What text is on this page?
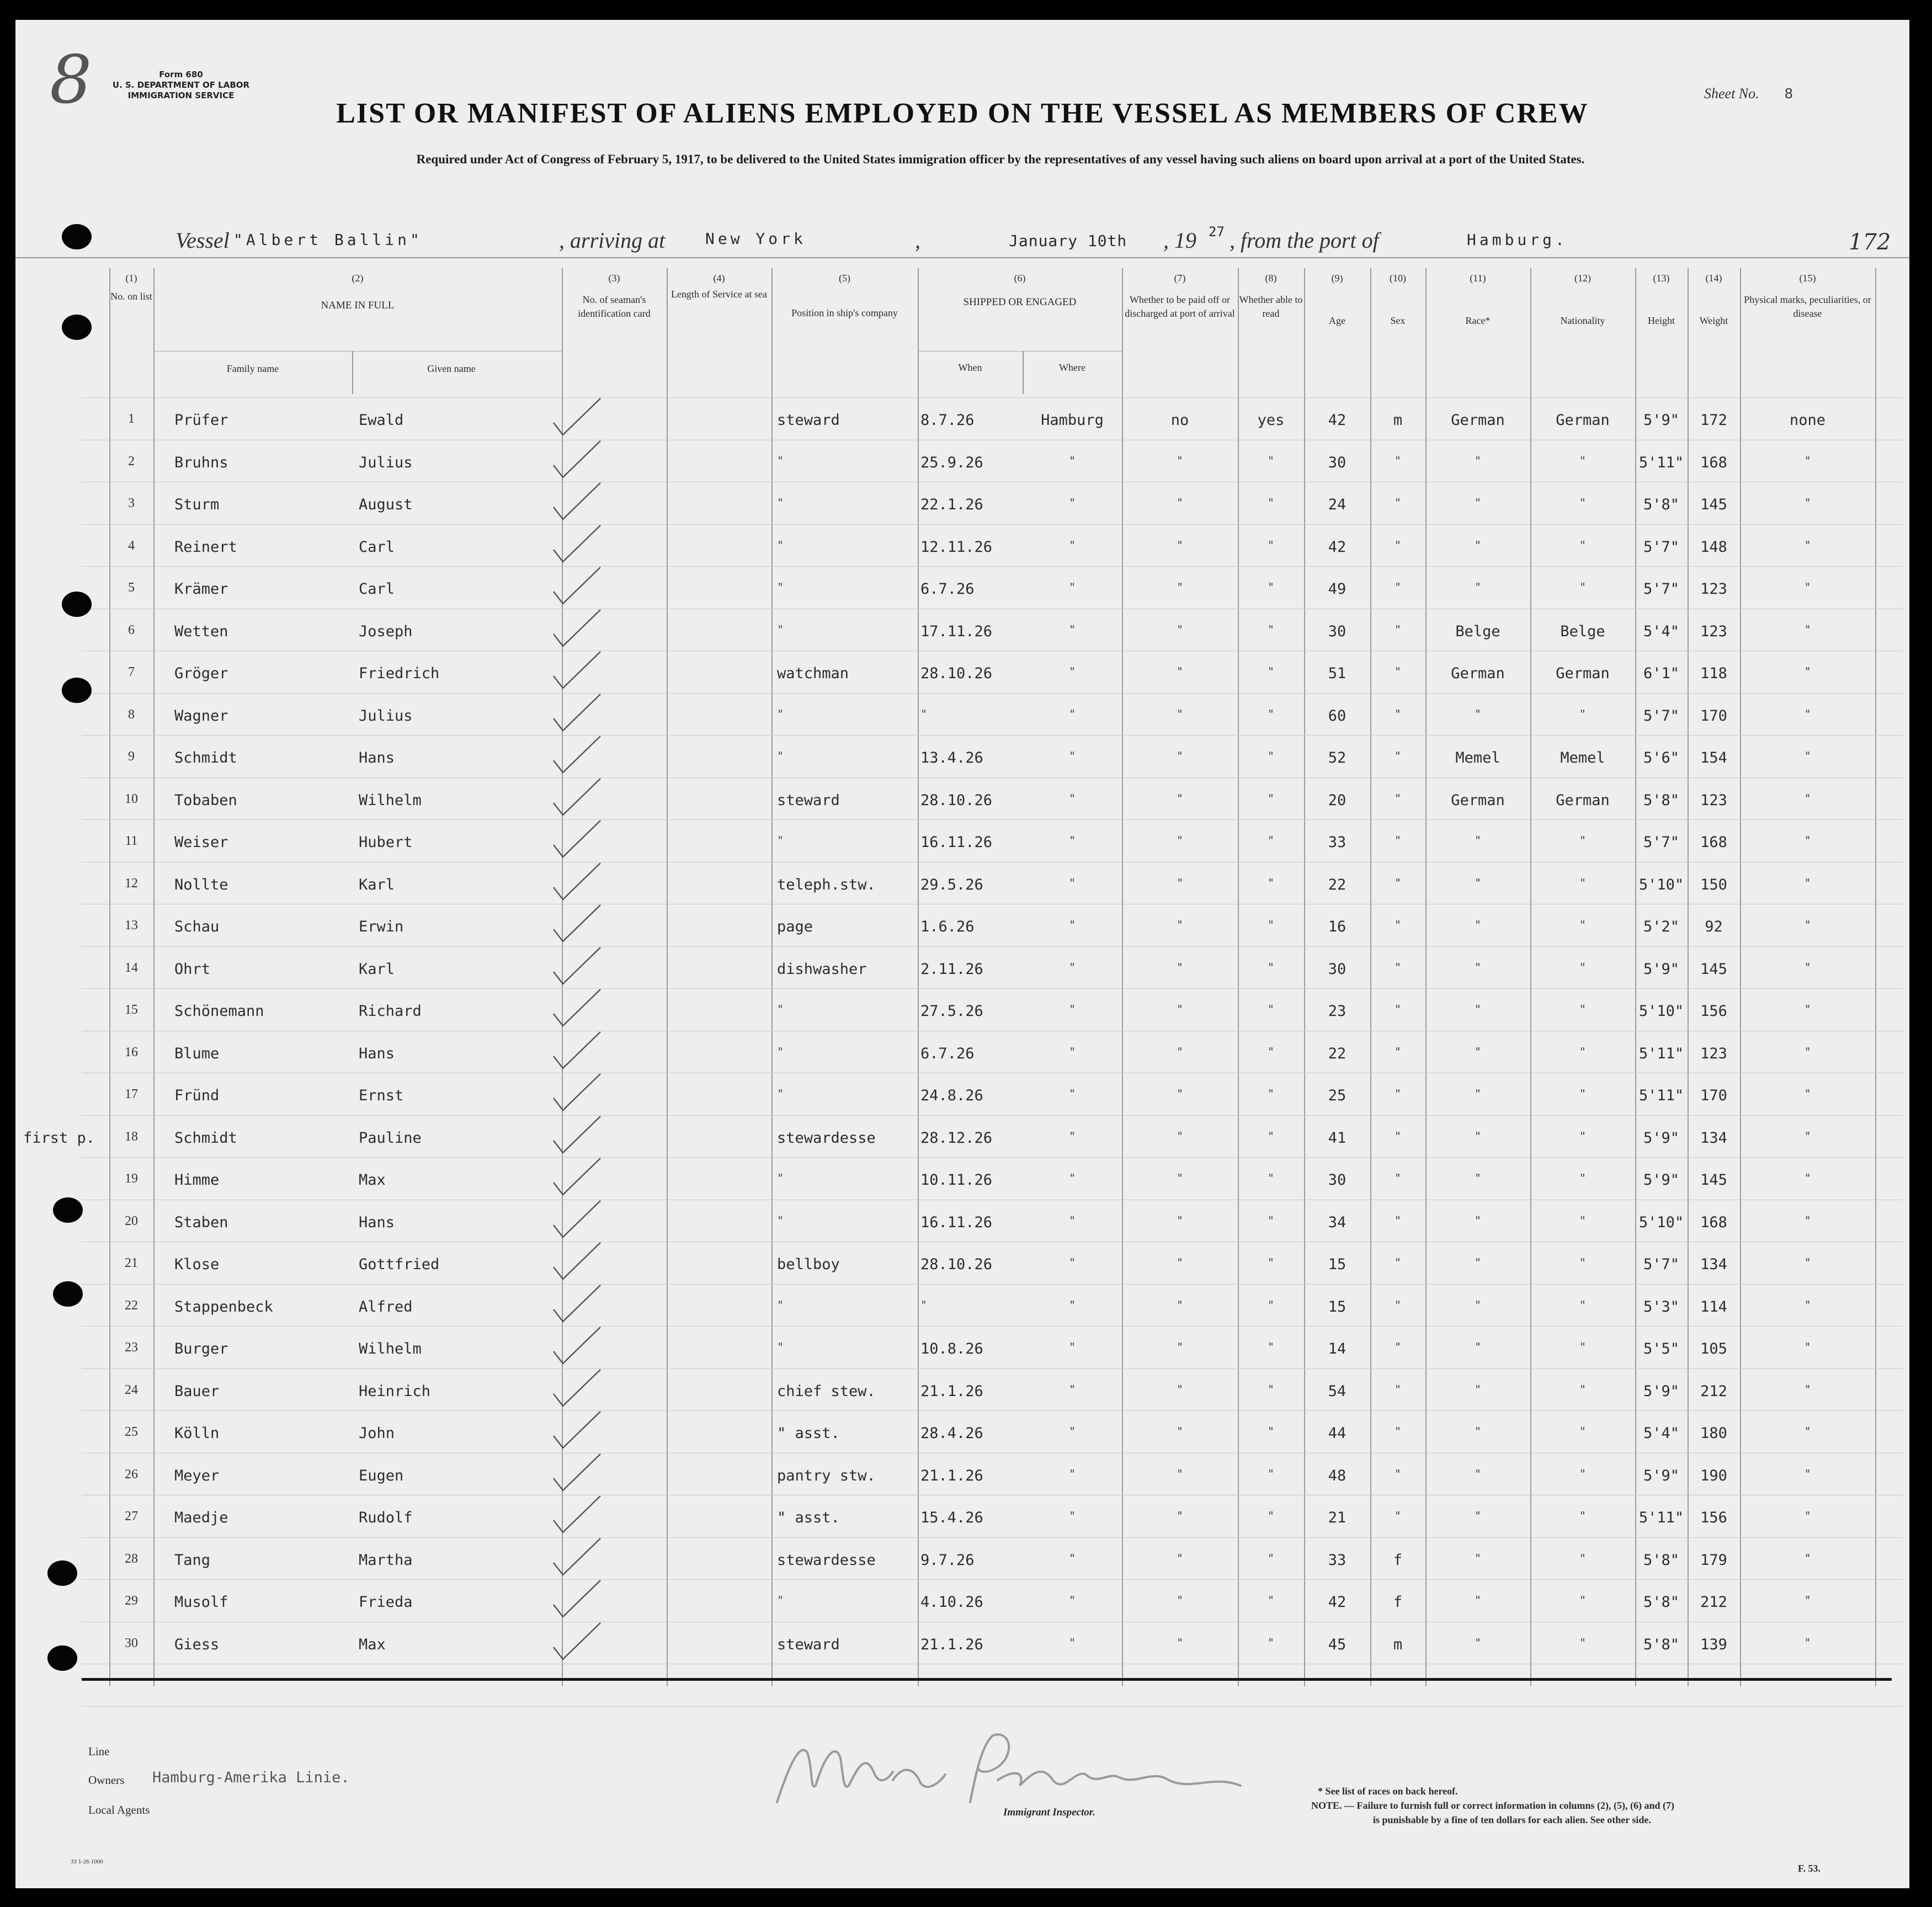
Form 680
U. S. DEPARTMENT OF LABOR
IMMIGRATION SERVICE
8	LIST OR MANIFEST OF ALIENS EMPLOYED ON THE VESSEL AS MEMBERS OF CREW
Sheet No. 8
Required under Act of Congress of February 5, 1917, to be delivered to the United States immigration officer by the representatives of any vessel having such aliens on board upon arrival at a port of the United States.
Vessel "Albert Ballin"	, arriving at	New York	,	January 10th , 19 27 , from the port of	Hamburg.	172
(1)
No. on list
(2)
NAME IN FULL
Family name	Given name
(3)
No. of seaman's identification card
(4)
Length of Service at sea
(5)
Position in ship's company
(6)
SHIPPED OR ENGAGED
When	Where
(7)
Whether to be paid off or discharged at port of arrival
(8)
Whether able to read
(9)
Age
(10)
Sex
(11)
Race*
(12)
Nationality
(13)
Height
(14)
Weight
(15)
Physical marks, peculiarities, or disease
1	Prüfer	Ewald	steward	8.7.26	Hamburg	no	yes	42	m	German	German	5'9"	172	none
2	Bruhns	Julius	"	25.9.26	"	"	"	30	"	"	"	5'11"	168	"
3	Sturm	August	"	22.1.26	"	"	"	24	"	"	"	5'8"	145	"
4	Reinert	Carl	"	12.11.26	"	"	"	42	"	"	"	5'7"	148	"
5	Krämer	Carl	"	6.7.26	"	"	"	49	"	"	"	5'7"	123	"
6	Wetten	Joseph	"	17.11.26	"	"	"	30	"	Belge	Belge	5'4"	123	"
7	Gröger	Friedrich	watchman	28.10.26	"	"	"	51	"	German	German	6'1"	118	"
8	Wagner	Julius	"	"	"	"	"	60	"	"	"	5'7"	170	"
9	Schmidt	Hans	"	13.4.26	"	"	"	52	"	Memel	Memel	5'6"	154	"
10	Tobaben	Wilhelm	steward	28.10.26	"	"	"	20	"	German	German	5'8"	123	"
11	Weiser	Hubert	"	16.11.26	"	"	"	33	"	"	"	5'7"	168	"
12	Nollte	Karl	teleph.stw.	29.5.26	"	"	"	22	"	"	"	5'10"	150	"
13	Schau	Erwin	page	1.6.26	"	"	"	16	"	"	"	5'2"	92	"
14	Ohrt	Karl	dishwasher	2.11.26	"	"	"	30	"	"	"	5'9"	145	"
15	Schönemann	Richard	"	27.5.26	"	"	"	23	"	"	"	5'10"	156	"
16	Blume	Hans	"	6.7.26	"	"	"	22	"	"	"	5'11"	123	"
17	Fründ	Ernst	"	24.8.26	"	"	"	25	"	"	"	5'11"	170	"
18	Schmidt	Pauline	stewardesse	28.12.26	"	"	"	41	"	"	"	5'9"	134	"
first p.
19	Himme	Max	"	10.11.26	"	"	"	30	"	"	"	5'9"	145	"
20	Staben	Hans	"	16.11.26	"	"	"	34	"	"	"	5'10"	168	"
21	Klose	Gottfried	bellboy	28.10.26	"	"	"	15	"	"	"	5'7"	134	"
22	Stappenbeck	Alfred	"	"	"	"	"	15	"	"	"	5'3"	114	"
23	Burger	Wilhelm	"	10.8.26	"	"	"	14	"	"	"	5'5"	105	"
24	Bauer	Heinrich	chief stew.	21.1.26	"	"	"	54	"	"	"	5'9"	212	"
25	Kölln	John	" asst.	28.4.26	"	"	"	44	"	"	"	5'4"	180	"
26	Meyer	Eugen	pantry stw.	21.1.26	"	"	"	48	"	"	"	5'9"	190	"
27	Maedje	Rudolf	" asst.	15.4.26	"	"	"	21	"	"	"	5'11"	156	"
28	Tang	Martha	stewardesse	9.7.26	"	"	"	33	f	"	"	5'8"	179	"
29	Musolf	Frieda	"	4.10.26	"	"	"	42	f	"	"	5'8"	212	"
30	Giess	Max	steward	21.1.26	"	"	"	45	m	"	"	5'8"	139	"
Line
Owners Hamburg-Amerika Linie.
Local Agents	Immigrant Inspector.
* See list of races on back hereof.
NOTE. — Failure to furnish full or correct information in columns (2), (5), (6) and (7)
is punishable by a fine of ten dollars for each alien. See other side.
33 1-26 1000
F. 53.
